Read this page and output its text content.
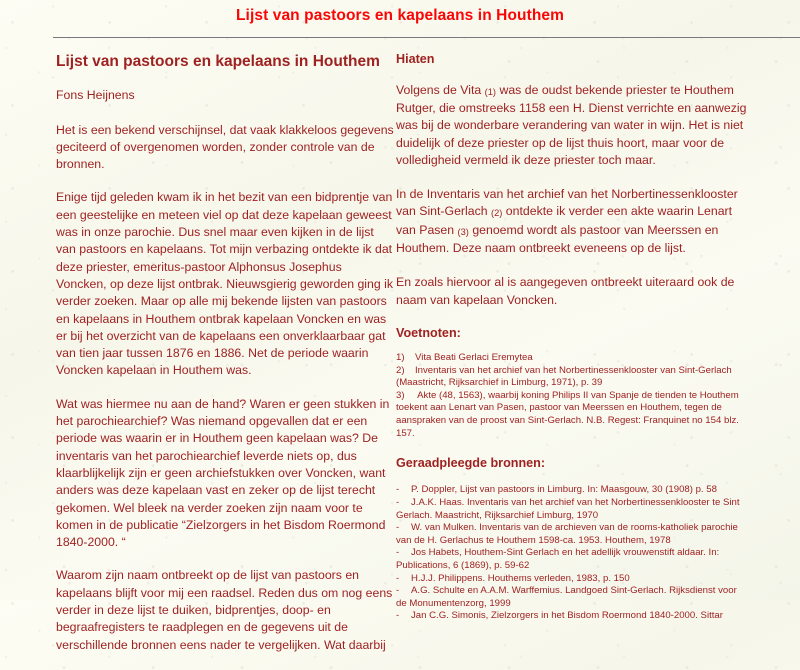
Lijst van pastoors en kapelaans in Houthem
Lijst van pastoors en kapelaans in Houthem

Fons Heijnens

Het is een bekend verschijnsel, dat vaak klakkeloos gegevens geciteerd of overgenomen worden, zonder controle van de bronnen.

Enige tijd geleden kwam ik in het bezit van een bidprentje van een geestelijke en meteen viel op dat deze kapelaan geweest was in onze parochie. Dus snel maar even kijken in de lijst van pastoors en kapelaans. Tot mijn verbazing ontdekte ik dat deze priester, emeritus-pastoor Alphonsus Josephus Voncken, op deze lijst ontbrak. Nieuwsgierig geworden ging ik verder zoeken. Maar op alle mij bekende lijsten van pastoors en kapelaans in Houthem ontbrak kapelaan Voncken en was er bij het overzicht van de kapelaans een onverklaarbaar gat van tien jaar tussen 1876 en 1886. Net de periode waarin Voncken kapelaan in Houthem was.

Wat was hiermee nu aan de hand? Waren er geen stukken in het parochiearchief? Was niemand opgevallen dat er een periode was waarin er in Houthem geen kapelaan was? De inventaris van het parochiearchief leverde niets op, dus klaarblijkelijk zijn er geen archiefstukken over Voncken, want anders was deze kapelaan vast en zeker op de lijst terecht gekomen. Wel bleek na verder zoeken zijn naam voor te komen in de publicatie “Zielzorgers in het Bisdom Roermond 1840-2000. “

Waarom zijn naam ontbreekt op de lijst van pastoors en kapelaans blijft voor mij een raadsel. Reden dus om nog eens verder in deze lijst te duiken, bidprentjes, doop- en begraafregisters te raadplegen en de gegevens uit de verschillende bronnen eens nader te vergelijken. Wat daarbij

Hiaten

Volgens de Vita (1) was de oudst bekende priester te Houthem Rutger, die omstreeks 1158 een H. Dienst verrichte en aanwezig was bij de wonderbare verandering van water in wijn. Het is niet duidelijk of deze priester op de lijst thuis hoort, maar voor de volledigheid vermeld ik deze priester toch maar.

In de Inventaris van het archief van het Norbertinessenklooster van Sint-Gerlach (2) ontdekte ik verder een akte waarin Lenart van Pasen (3) genoemd wordt als pastoor van Meerssen en Houthem. Deze naam ontbreekt eveneens op de lijst.

En zoals hiervoor al is aangegeven ontbreekt uiteraard ook de naam van kapelaan Voncken.

Voetnoten:
1) Vita Beati Gerlaci Eremytea
2) Inventaris van het archief van het Norbertinessenklooster van Sint-Gerlach (Maastricht, Rijksarchief in Limburg, 1971), p. 39
3) Akte (48, 1563), waarbij koning Philips II van Spanje de tienden te Houthem toekent aan Lenart van Pasen, pastoor van Meerssen en Houthem, tegen de aanspraken van de proost van Sint-Gerlach. N.B. Regest: Franquinet no 154 blz. 157.
Geraadpleegde bronnen:
- P. Doppler, Lijst van pastoors in Limburg. In: Maasgouw, 30 (1908) p. 58
- J.A.K. Haas. Inventaris van het archief van het Norbertinessenklooster te Sint Gerlach. Maastricht, Rijksarchief Limburg, 1970
- W. van Mulken. Inventaris van de archieven van de rooms-katholiek parochie van de H. Gerlachus te Houthem 1598-ca. 1953. Houthem, 1978
- Jos Habets, Houthem-Sint Gerlach en het adellijk vrouwenstift aldaar. In: Publications, 6 (1869), p. 59-62
- H.J.J. Philippens. Houthems verleden, 1983, p. 150
- A.G. Schulte en A.A.M. Warffemius. Landgoed Sint-Gerlach. Rijksdienst voor de Monumentenzorg, 1999
- Jan C.G. Simonis, Zielzorgers in het Bisdom Roermond 1840-2000. Sittar
